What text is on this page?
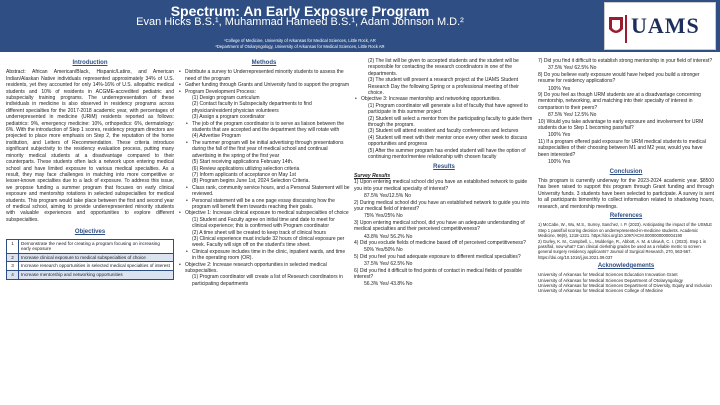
Spectrum: An Early Exposure Program
Evan Hicks B.S.¹, Muhammad Hameed B.S.¹, Adam Johnson M.D.²
¹College of Medicine, University of Arkansas for Medical Sciences, Little Rock, AR
²Department of Otolaryngology, University of Arkansas for Medical Sciences, Little Rock AR
UAMS
Introduction
Abstract: African American/Black, Hispanic/Latinx, and American Indian/Alaskan Native individuals represented approximately 34% of U.S. residents, yet they accounted for only 14%-16% of U.S. allopathic medical students and 10% of residents in ACGME-accredited pediatric and subspecialty training programs. The underrepresentation of these individuals in medicine is also observed in residency programs across different specialties for the 2017-2018 academic year, with percentages of underrepresented in medicine (URiM) residents reported as follows: pediatrics: 9%, emergency medicine: 10%, orthopedics: 6%, dermatology: 6%. With the introduction of Step 1 scores, residency program directors are projected to place more emphasis on Step 2, the reputation of the home institution, and Letters of Recommendation. These criteria introduce significant subjectivity to the residency evaluation process, putting many minority medical students at a disadvantage compared to their counterparts. These students often lack a network upon entering medical school and have limited exposure to various medical specialties. As a result, they may face challenges in matching into more competitive or lesser-known specialties due to a lack of exposure. To address this issue, we propose funding a summer program that focuses on early clinical exposure and mentorship rotations in selected subspecialties for medical students. This program would take place between the first and second year of medical school, aiming to provide underrepresented minority students with valuable experiences and opportunities to explore different subspecialties.
Objectives
1	Demonstrate the need for creating a program focusing on increasing early exposure
2	Increase clinical exposure to medical subspecialties of choice
3	Increase research opportunities in selected medical specialties of interest
4	Increase mentorship and networking opportunities
Methods
• Distribute a survey to Underrepresented minority students to assess the need of the program
• Gather funding through Grants and University fund to support the program
• Program Development Process:
(1) Design program curriculum
(2) Contact faculty in Subspecialty departments to find physician/resident physician volunteers
(3) Assign a program coordinator
• The job of the program coordinator is to serve as liaison between the students that are accepted and the department they will rotate with
(4) Advertise Program
• The summer program will be initial advertising through presentations during the fall of the first year of medical school and continual advertising in the spring of the first year
(5) Start receiving applications February 14th.
(6) Review applications utilizing selection criteria
(7) Inform applicants of acceptance on May 1st
(8) Program begins June 1st, 2024 Selection Criteria.
• Class rank, community service hours, and a Personal Statement will be reviewed.
• Personal statement will be a one page essay discussing how the program will benefit them towards reaching their goals.
• Objective 1: Increase clinical exposure to medical subspecialties of choice
(1) Student and Faculty agree on initial time and date to meet for clinical experience; this is confirmed with Program coordinator
(2) A time sheet will be created to keep track of clinical hours
(3) Clinical experience must include 32 hours of clinical exposure per week. Faculty will sign off on the student's time sheet.
• Clinical exposure includes time in the clinic, inpatient wards, and time in the operating room (OR).
• Objective 2: Increase research opportunities in selected medical subspecialties.
(1) Program coordinator will create a list of Research coordinators in participating departments
(2) The list will be given to accepted students and the student will be responsible for contacting the research coordinators in one of the departments.
(3) The student will present a research project at the UAMS Student Research Day the following Spring or a professional meeting of their choice.
• Objective 3: Increase mentorship and networking opportunities.
(1) Program coordinator will generate a list of faculty that have agreed to participate in this summer project
(2) Student will select a mentor from the participating faculty to guide them through the program.
(3) Student will attend resident and faculty conferences and lectures
(4) Student will meet with their mentor once every other week to discuss opportunities and progress
(5) After the summer program has ended student will have the option of continuing mentor/mentee relationship with chosen faculty
Results
Survey Results
1) Upon entering medical school did you have an established network to guide you into your medical specialty of interest?
87.5% Yes/12.5% No
2) During medical school did you have an established network to guide you into your medical field of interest?
75% Yes/25% No
3) Upon entering medical school, did you have an adequate understanding of medical specialties and their perceived competitiveness?
43.8% Yes/ 56.2% No
4) Did you exclude fields of medicine based off of perceived competitiveness?
50% Yes/50% No
5) Did you feel you had adequate exposure to different medical specialties?
37.5% Yes/ 62.5% No
6) Did you find it difficult to find points of contact in medical fields of possible interest?
56.3% Yes/ 43.8% No
7) Did you find it difficult to establish strong mentorship in your field of interest?
37.5% Yes/ 62.5% No
8) Do you believe early exposure would have helped you build a stronger resume for residency applications?
100% Yes
9) Do you feel as though URM students are at a disadvantage concerning mentorship, networking, and matching into their specialty of interest in comparison to their peers?
87.5% Yes/ 12.5% No
10) Would you take advantage to early exposure and involvement for URM students due to Step 1 becoming pass/fail?
100% Yes
11) If a program offered paid exposure for URM medical students to medical subspecialties of their choosing between M1 and M2 year, would you have been interested?
100% Yes
Conclusion
This program is currently underway for the 2023-2024 academic year. $8500 has been raised to support this program through Grant funding and through University funds. 3 students have been selected to participate. A survey is sent to all participants bimonthly to collect information related to shadowing hours, research, and mentorship meetings.
References
1) McCabe, W., Wu, M.S., Surrey, Sanchez, I. P. (2023). Anticipating the impact of the USMLE Step 1 pass/fail scoring decision on underrepresented-in-medicine students. Academic Medicine, 96(9), 1218-1221. https://doi.org/10.1097/ACM.0000000000004190
2) Gurley, K. M., Campbell, L., Mulderige, R., Abbott, A. M. & Ukwuh, C. I. (2023). Step 1 is pass/fail, now what? Can clinical clerkship grades be used as a reliable metric to screen general surgery residency applicants? Journal of Surgical Research, 270, 563-567. https://doi.org/10.1016/j.jss.2021.09.037
Acknowledgements
University of Arkansas for Medical Sciences Education Innovation Grant
University of Arkansas for Medical Sciences Department of Otolaryngology
University of Arkansas for Medical Sciences Department of Diversity, Equity and Inclusion
University of Arkansas for Medical Sciences College of Medicine
